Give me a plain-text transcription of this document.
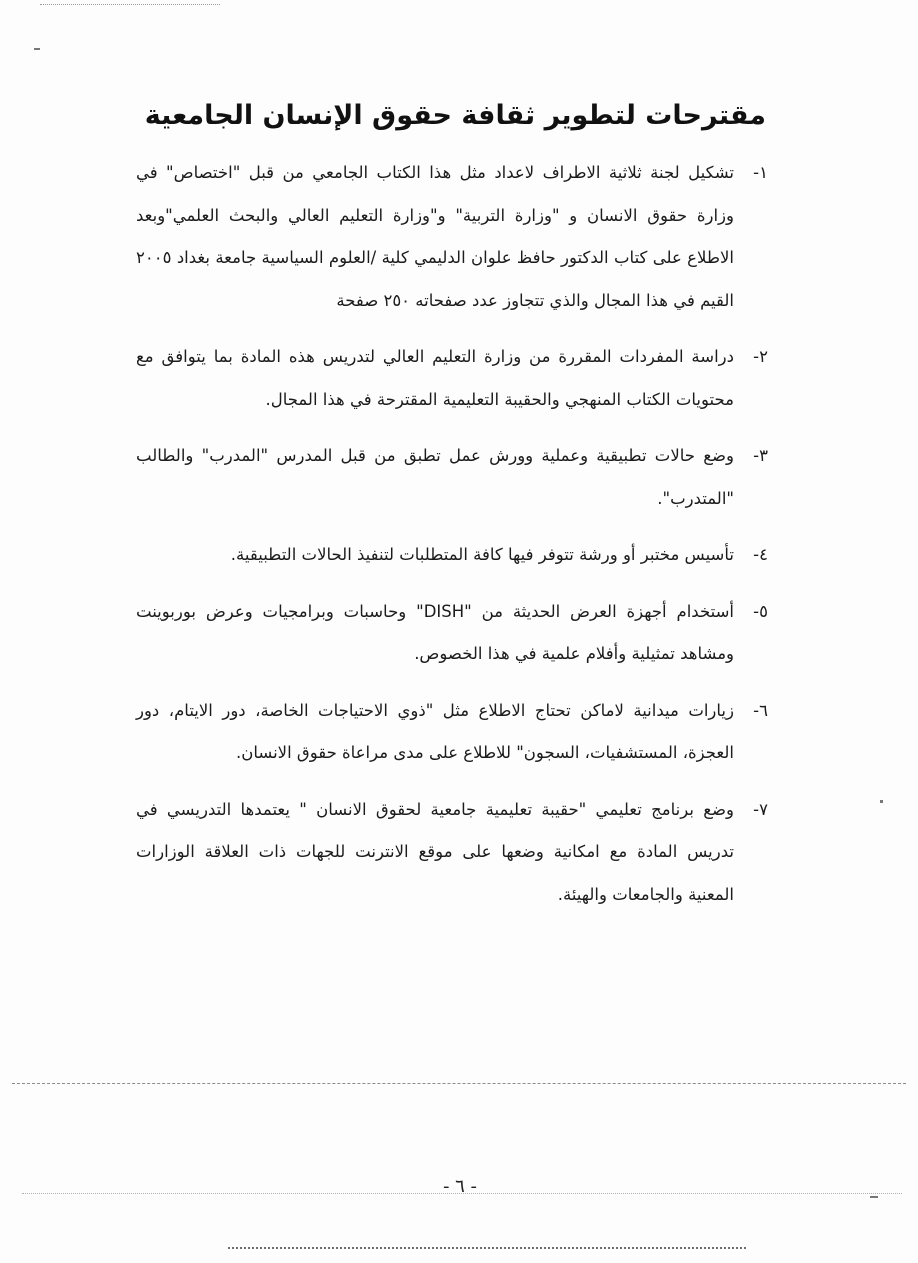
مقترحات لتطوير ثقافة حقوق الإنسان الجامعية
١-
تشكيل لجنة ثلاثية الاطراف لاعداد مثل هذا الكتاب الجامعي من قبل "اختصاص" في وزارة حقوق الانسان و "وزارة التربية" و"وزارة التعليم العالي والبحث العلمي"وبعد الاطلاع على كتاب الدكتور حافظ علوان الدليمي كلية /العلوم السياسية جامعة بغداد ٢٠٠٥ القيم في هذا المجال والذي تتجاوز عدد صفحاته ٢٥٠ صفحة
٢-
دراسة المفردات المقررة من وزارة التعليم العالي لتدريس هذه المادة بما يتوافق مع محتويات الكتاب المنهجي والحقيبة التعليمية المقترحة في هذا المجال.
٣-
وضع حالات تطبيقية وعملية وورش عمل تطبق من قبل المدرس "المدرب" والطالب "المتدرب".
٤-
تأسيس مختبر أو ورشة تتوفر فيها كافة المتطلبات لتنفيذ الحالات التطبيقية.
٥-
أستخدام أجهزة العرض الحديثة من "DISH" وحاسبات وبرامجيات وعرض بوربوينت ومشاهد تمثيلية وأفلام علمية في هذا الخصوص.
٦-
زيارات ميدانية لاماكن تحتاج الاطلاع مثل "ذوي الاحتياجات الخاصة، دور الايتام، دور العجزة، المستشفيات، السجون" للاطلاع على مدى مراعاة حقوق الانسان.
٧-
وضع برنامج تعليمي "حقيبة تعليمية جامعية لحقوق الانسان " يعتمدها التدريسي في تدريس المادة مع امكانية وضعها على موقع الانترنت للجهات ذات العلاقة الوزارات المعنية والجامعات والهيئة.
- ٦ -
